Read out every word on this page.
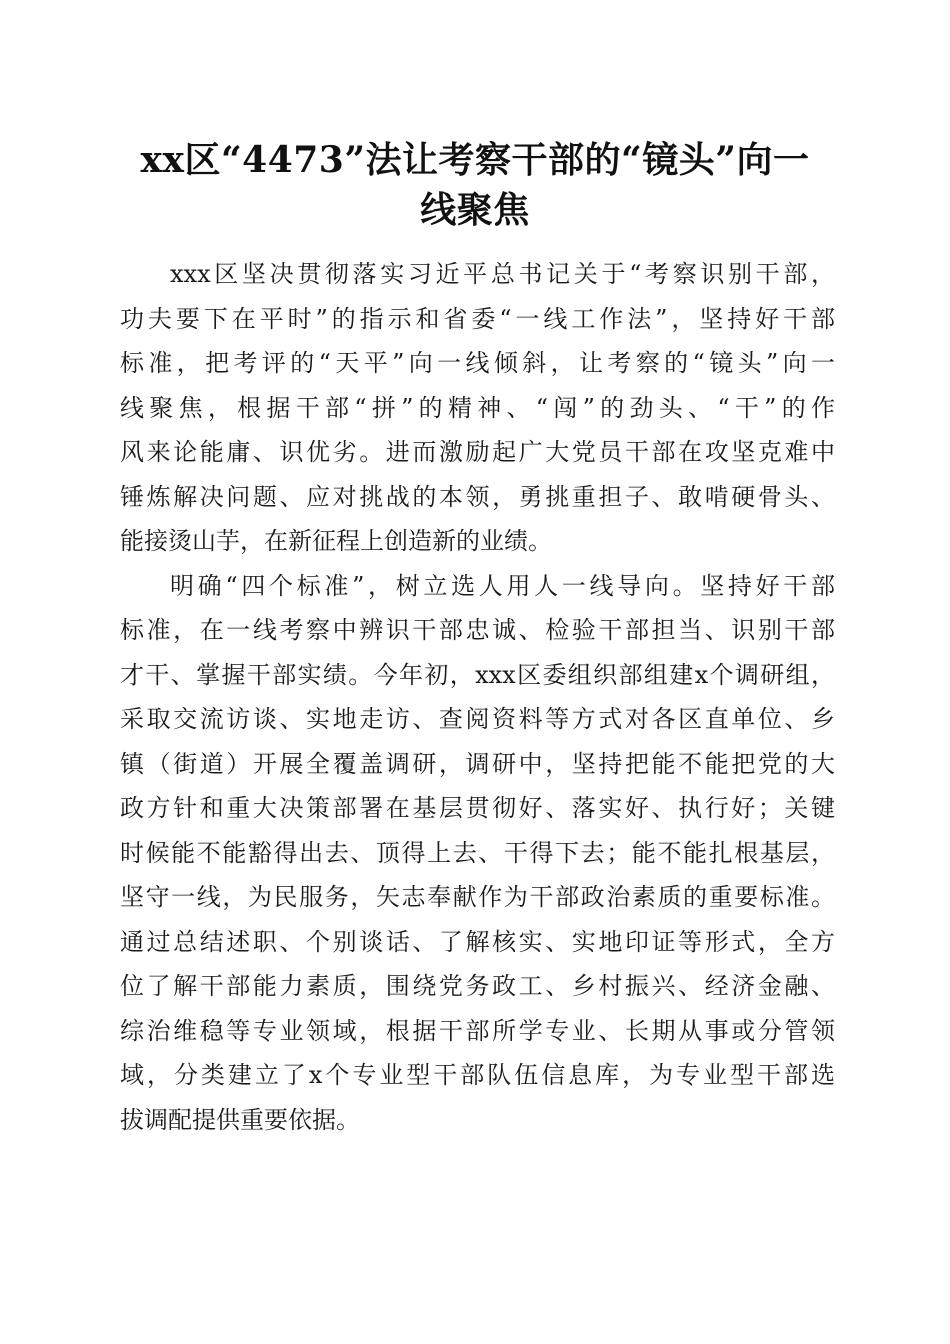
xx区“4473”法让考察干部的“镜头”向一
线聚焦
xxx区坚决贯彻落实习近平总书记关于“考察识别干部，
功夫要下在平时”的指示和省委“一线工作法”，坚持好干部
标准，把考评的“天平”向一线倾斜，让考察的“镜头”向一
线聚焦，根据干部“拼”的精神、“闯”的劲头、“干”的作
风来论能庸、识优劣。进而激励起广大党员干部在攻坚克难中
锤炼解决问题、应对挑战的本领，勇挑重担子、敢啃硬骨头、
能接烫山芋，在新征程上创造新的业绩。
明确“四个标准”，树立选人用人一线导向。坚持好干部
标准，在一线考察中辨识干部忠诚、检验干部担当、识别干部
才干、掌握干部实绩。今年初，xxx区委组织部组建x个调研组，
采取交流访谈、实地走访、查阅资料等方式对各区直单位、乡
镇（街道）开展全覆盖调研，调研中，坚持把能不能把党的大
政方针和重大决策部署在基层贯彻好、落实好、执行好；关键
时候能不能豁得出去、顶得上去、干得下去；能不能扎根基层，
坚守一线，为民服务，矢志奉献作为干部政治素质的重要标准。
通过总结述职、个别谈话、了解核实、实地印证等形式，全方
位了解干部能力素质，围绕党务政工、乡村振兴、经济金融、
综治维稳等专业领域，根据干部所学专业、长期从事或分管领
域，分类建立了x个专业型干部队伍信息库，为专业型干部选
拔调配提供重要依据。
